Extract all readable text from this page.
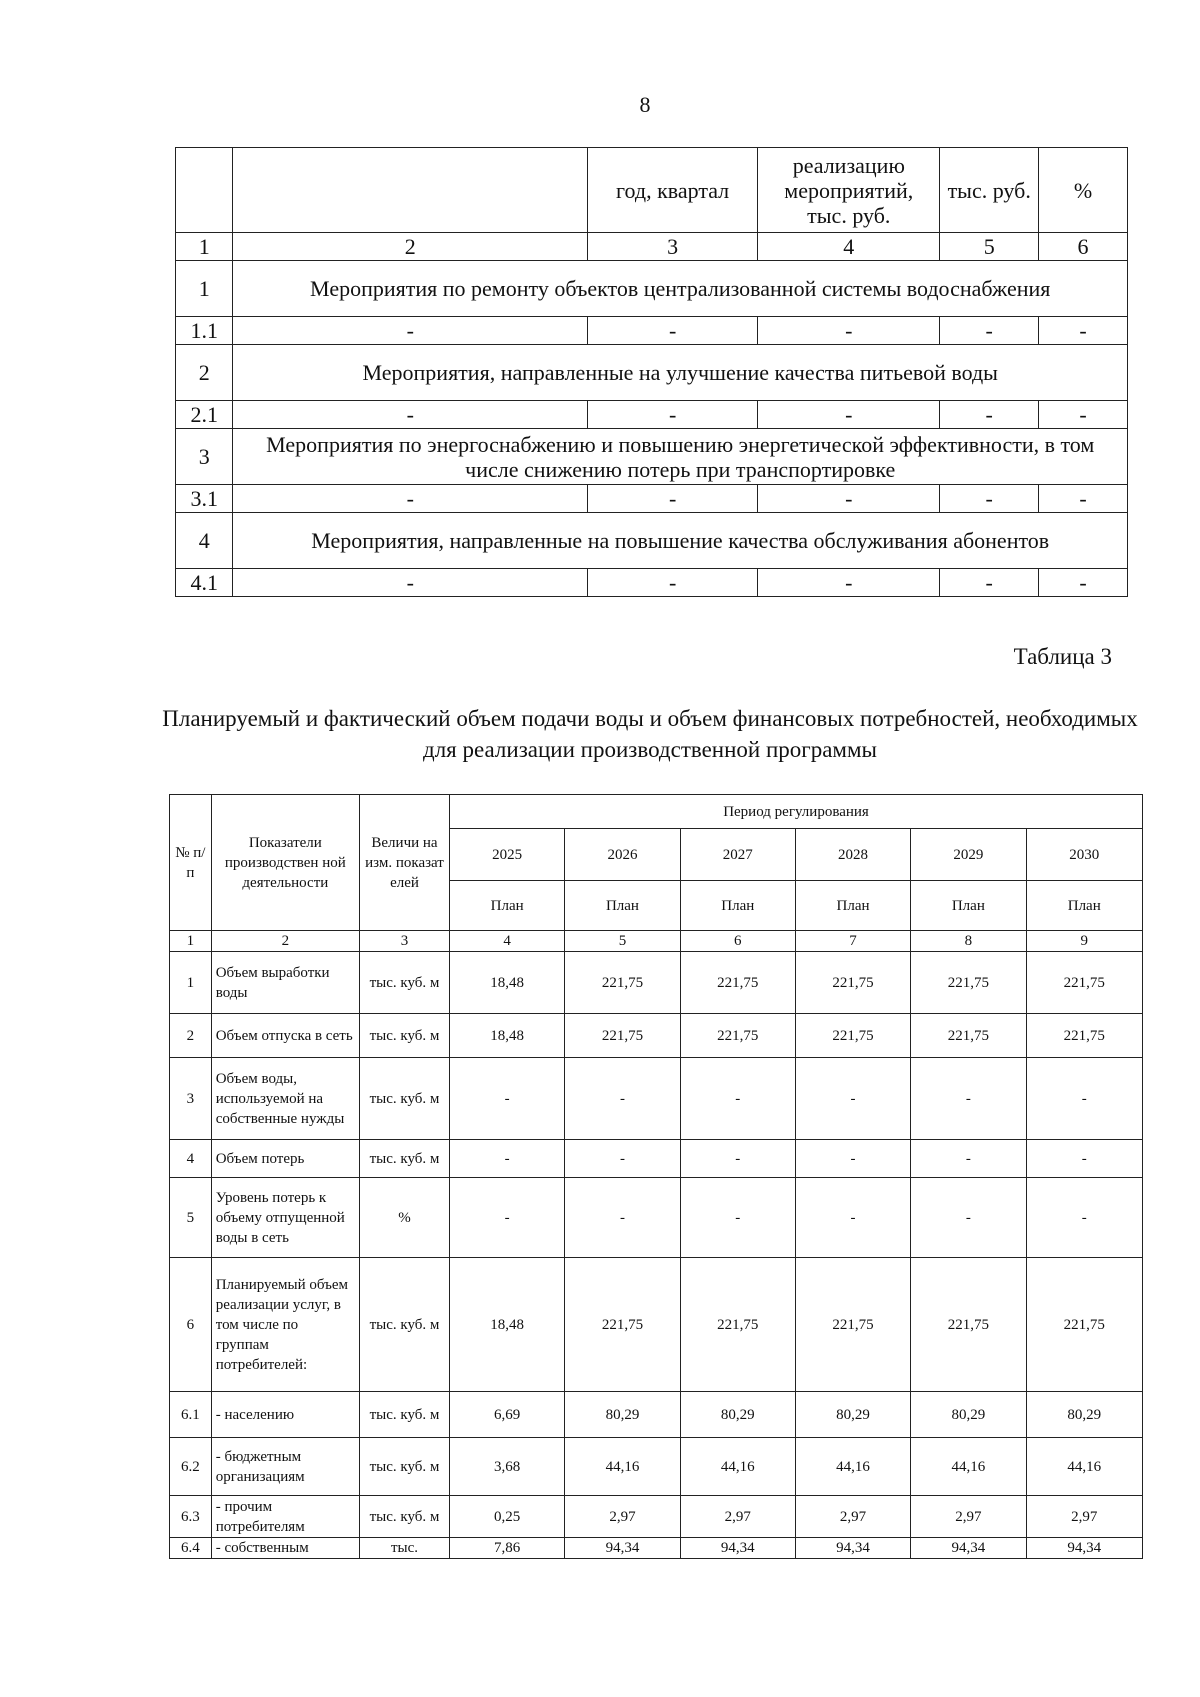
8
		год, квартал	реализацию мероприятий, тыс. руб.	тыс. руб.	%
1	2	3	4	5	6
1	Мероприятия по ремонту объектов централизованной системы водоснабжения				
1.1	-	-	-	-	-
2	Мероприятия, направленные на улучшение качества питьевой воды				
2.1	-	-	-	-	-
3	Мероприятия по энергоснабжению и повышению энергетической эффективности, в том числе снижению потерь при транспортировке				
3.1	-	-	-	-	-
4	Мероприятия, направленные на повышение качества обслуживания абонентов				
4.1	-	-	-	-	-
Таблица 3
Планируемый и фактический объем подачи воды и объем финансовых потребностей, необходимых для реализации производственной программы
№ п/п	Показатели производствен ной деятельности	Величи на изм. показат елей	Период регулирования					
			2025	2026	2027	2028	2029	2030
			План	План	План	План	План	План
1	2	3	4	5	6	7	8	9
1	Объем выработки воды	тыс. куб. м	18,48	221,75	221,75	221,75	221,75	221,75
2	Объем отпуска в сеть	тыс. куб. м	18,48	221,75	221,75	221,75	221,75	221,75
3	Объем воды, используемой на собственные нужды	тыс. куб. м	-	-	-	-	-	-
4	Объем потерь	тыс. куб. м	-	-	-	-	-	-
5	Уровень потерь к объему отпущенной воды в сеть	%	-	-	-	-	-	-
6	Планируемый объем реализации услуг, в том числе по группам потребителей:	тыс. куб. м	18,48	221,75	221,75	221,75	221,75	221,75
6.1	- населению	тыс. куб. м	6,69	80,29	80,29	80,29	80,29	80,29
6.2	- бюджетным организациям	тыс. куб. м	3,68	44,16	44,16	44,16	44,16	44,16
6.3	- прочим потребителям	тыс. куб. м	0,25	2,97	2,97	2,97	2,97	2,97
6.4	- собственным	тыс.	7,86	94,34	94,34	94,34	94,34	94,34
